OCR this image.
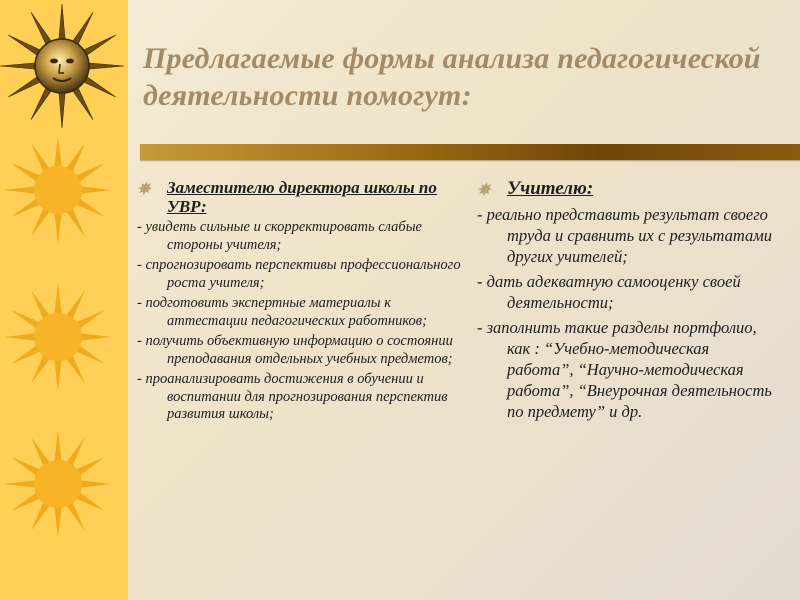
Предлагаемые формы анализа педагогической деятельности помогут:
✵ Заместителю директора школы по УВР:
- увидеть сильные и скорректировать слабые стороны учителя;
- спрогнозировать перспективы профессионального роста учителя;
- подготовить экспертные материалы к аттестации педагогических работников;
- получить объективную информацию о состоянии преподавания отдельных учебных предметов;
- проанализировать достижения в обучении и воспитании для прогнозирования перспектив развития школы;
✵ Учителю:
- реально представить результат своего труда и сравнить их с результатами других учителей;
- дать адекватную самооценку своей деятельности;
- заполнить такие разделы портфолио, как : “Учебно-методическая работа”, “Научно-методическая работа”, “Внеурочная деятельность по предмету” и др.
